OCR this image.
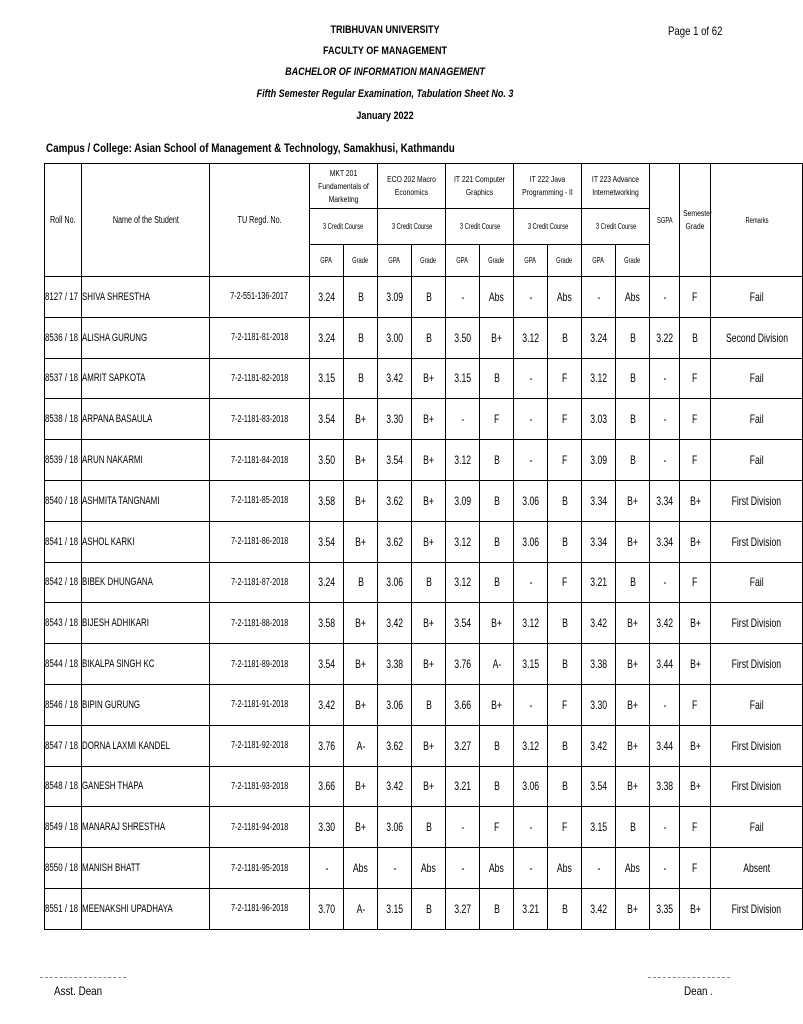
TRIBHUVAN UNIVERSITY
FACULTY OF MANAGEMENT
BACHELOR OF INFORMATION MANAGEMENT
Fifth Semester Regular Examination, Tabulation Sheet No. 3
January 2022
Page 1 of 62
Campus / College: Asian School of Management & Technology, Samakhusi, Kathmandu
Roll No.	Name of the Student	TU Regd. No.	MKT 201 Fundamentals of Marketing		ECO 202 Macro Economics		IT 221 Computer Graphics		IT 222 Java Programming - II		IT 223 Advance Internetworking		SGPA	Semester Grade	Remarks
			3 Credit Course		3 Credit Course		3 Credit Course		3 Credit Course		3 Credit Course				
			GPA	Grade	GPA	Grade	GPA	Grade	GPA	Grade	GPA	Grade			
8127 / 17	SHIVA SHRESTHA	7-2-551-136-2017	3.24	B	3.09	B	-	Abs	-	Abs	-	Abs	-	F	Fail
8536 / 18	ALISHA GURUNG	7-2-1181-81-2018	3.24	B	3.00	B	3.50	B+	3.12	B	3.24	B	3.22	B	Second Division
8537 / 18	AMRIT SAPKOTA	7-2-1181-82-2018	3.15	B	3.42	B+	3.15	B	-	F	3.12	B	-	F	Fail
8538 / 18	ARPANA BASAULA	7-2-1181-83-2018	3.54	B+	3.30	B+	-	F	-	F	3.03	B	-	F	Fail
8539 / 18	ARUN NAKARMI	7-2-1181-84-2018	3.50	B+	3.54	B+	3.12	B	-	F	3.09	B	-	F	Fail
8540 / 18	ASHMITA TANGNAMI	7-2-1181-85-2018	3.58	B+	3.62	B+	3.09	B	3.06	B	3.34	B+	3.34	B+	First Division
8541 / 18	ASHOL KARKI	7-2-1181-86-2018	3.54	B+	3.62	B+	3.12	B	3.06	B	3.34	B+	3.34	B+	First Division
8542 / 18	BIBEK DHUNGANA	7-2-1181-87-2018	3.24	B	3.06	B	3.12	B	-	F	3.21	B	-	F	Fail
8543 / 18	BIJESH ADHIKARI	7-2-1181-88-2018	3.58	B+	3.42	B+	3.54	B+	3.12	B	3.42	B+	3.42	B+	First Division
8544 / 18	BIKALPA SINGH KC	7-2-1181-89-2018	3.54	B+	3.38	B+	3.76	A-	3.15	B	3.38	B+	3.44	B+	First Division
8546 / 18	BIPIN GURUNG	7-2-1181-91-2018	3.42	B+	3.06	B	3.66	B+	-	F	3.30	B+	-	F	Fail
8547 / 18	DORNA LAXMI KANDEL	7-2-1181-92-2018	3.76	A-	3.62	B+	3.27	B	3.12	B	3.42	B+	3.44	B+	First Division
8548 / 18	GANESH THAPA	7-2-1181-93-2018	3.66	B+	3.42	B+	3.21	B	3.06	B	3.54	B+	3.38	B+	First Division
8549 / 18	MANARAJ SHRESTHA	7-2-1181-94-2018	3.30	B+	3.06	B	-	F	-	F	3.15	B	-	F	Fail
8550 / 18	MANISH BHATT	7-2-1181-95-2018	-	Abs	-	Abs	-	Abs	-	Abs	-	Abs	-	F	Absent
8551 / 18	MEENAKSHI UPADHAYA	7-2-1181-96-2018	3.70	A-	3.15	B	3.27	B	3.21	B	3.42	B+	3.35	B+	First Division
Asst. Dean	Dean .
